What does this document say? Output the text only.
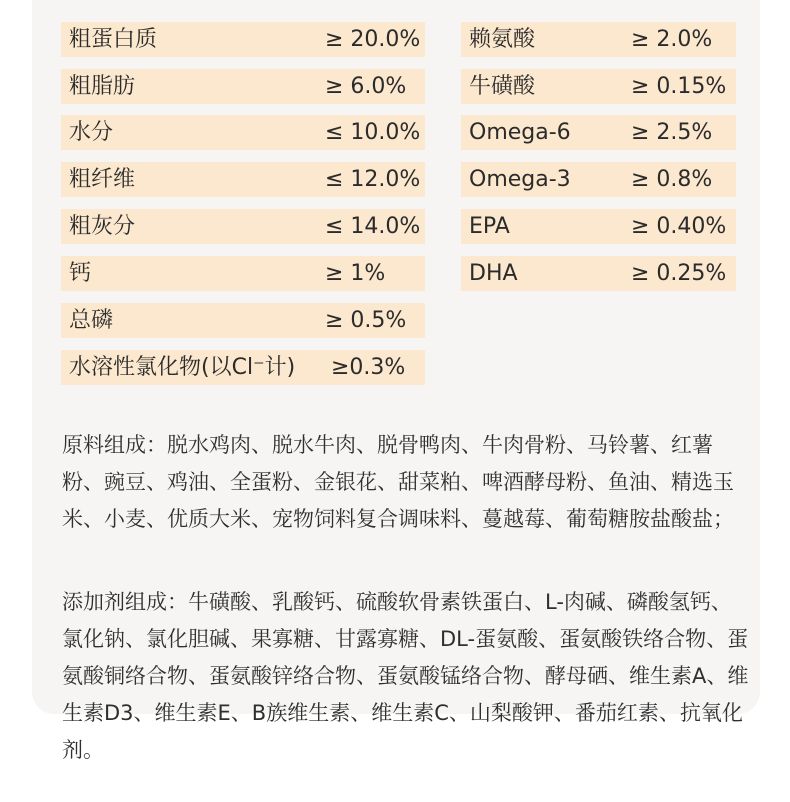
粗蛋白质	≥ 20.0%
粗脂肪	≥ 6.0%
水分	≤ 10.0%
粗纤维	≤ 12.0%
粗灰分	≤ 14.0%
钙	≥ 1%
总磷	≥ 0.5%
水溶性氯化物(以Cl⁻计) ≥0.3%
赖氨酸	≥ 2.0%
牛磺酸	≥ 0.15%
Omega-6	≥ 2.5%
Omega-3	≥ 0.8%
EPA	≥ 0.40%
DHA	≥ 0.25%
原料组成：脱水鸡肉、脱水牛肉、脱骨鸭肉、牛肉骨粉、马铃薯、红薯粉、豌豆、鸡油、全蛋粉、金银花、甜菜粕、啤酒酵母粉、鱼油、精选玉米、小麦、优质大米、宠物饲料复合调味料、蔓越莓、葡萄糖胺盐酸盐；
添加剂组成：牛磺酸、乳酸钙、硫酸软骨素铁蛋白、L-肉碱、磷酸氢钙、氯化钠、氯化胆碱、果寡糖、甘露寡糖、DL-蛋氨酸、蛋氨酸铁络合物、蛋氨酸铜络合物、蛋氨酸锌络合物、蛋氨酸锰络合物、酵母硒、维生素A、维生素D3、维生素E、B族维生素、维生素C、山梨酸钾、番茄红素、抗氧化剂。
